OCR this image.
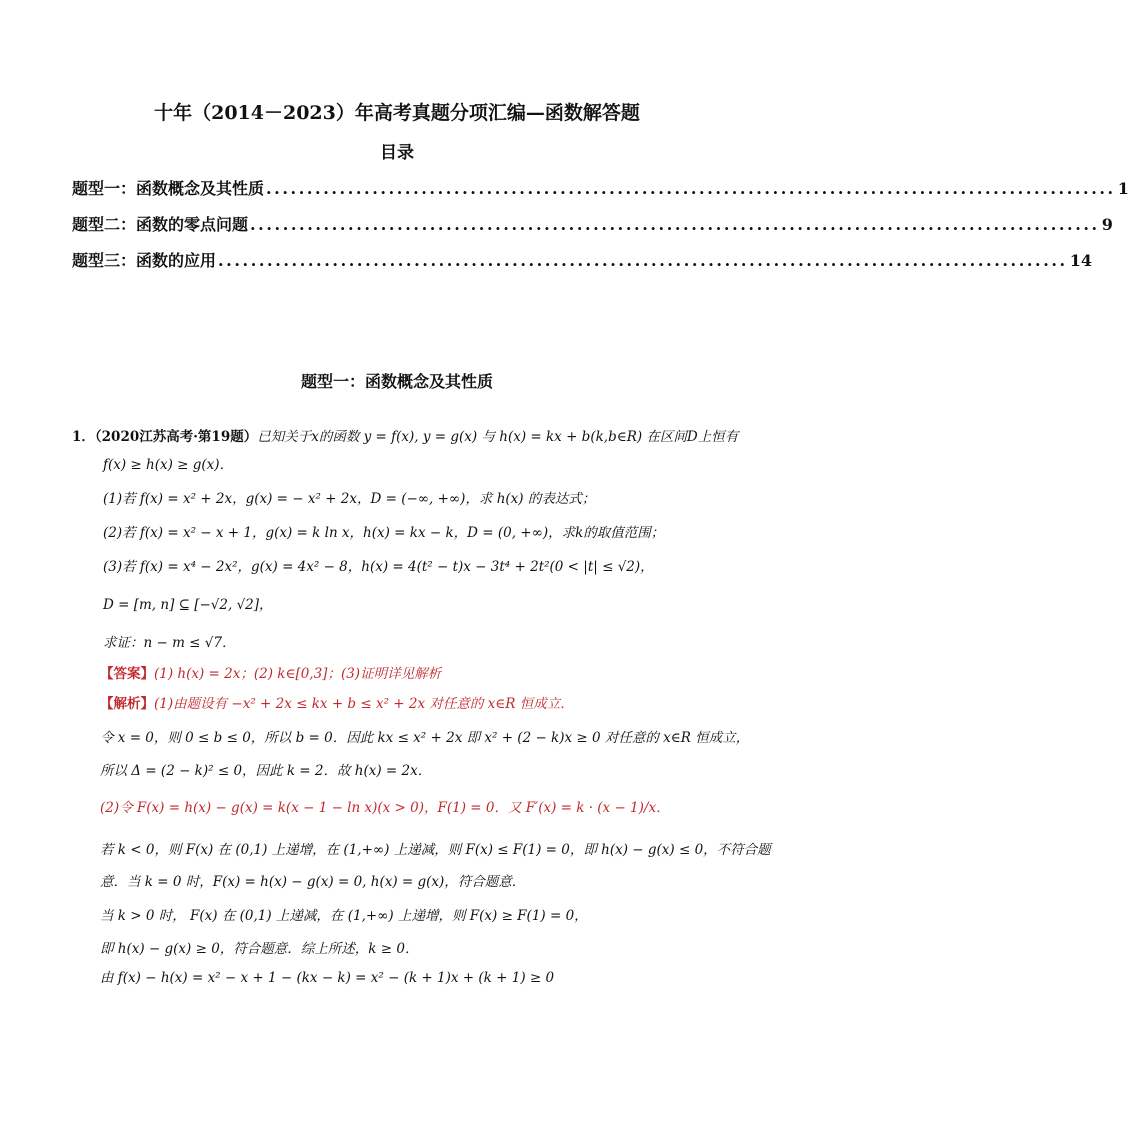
十年（2014－2023）年高考真题分项汇编—函数解答题
目录
题型一：函数概念及其性质 ........................................................................................................ 1
题型二：函数的零点问题 ........................................................................................................ 9
题型三：函数的应用 ........................................................................................................ 14
题型一：函数概念及其性质
1．（2020江苏高考·第19题）已知关于x的函数 y = f(x), y = g(x) 与 h(x) = kx + b(k,b∈R) 在区间D上恒有
f(x) ≥ h(x) ≥ g(x)．
(1)若 f(x) = x² + 2x，g(x) = − x² + 2x，D = (−∞, +∞)，求 h(x) 的表达式；
(2)若 f(x) = x² − x + 1，g(x) = k ln x，h(x) = kx − k，D = (0, +∞)，求k的取值范围；
(3)若 f(x) = x⁴ − 2x²，g(x) = 4x² − 8，h(x) = 4(t² − t)x − 3t⁴ + 2t²(0 < |t| ≤ √2)，
D = [m, n] ⊆ [−√2, √2]，
求证：n − m ≤ √7．
【答案】(1) h(x) = 2x；(2) k∈[0,3]；(3)证明详见解析
【解析】(1)由题设有 −x² + 2x ≤ kx + b ≤ x² + 2x 对任意的 x∈R 恒成立．
令 x = 0，则 0 ≤ b ≤ 0，所以 b = 0．因此 kx ≤ x² + 2x 即 x² + (2 − k)x ≥ 0 对任意的 x∈R 恒成立，
所以 Δ = (2 − k)² ≤ 0，因此 k = 2．故 h(x) = 2x．
(2)令 F(x) = h(x) − g(x) = k(x − 1 − ln x)(x > 0)，F(1) = 0．又 F′(x) = k · (x − 1)/x．
若 k < 0，则 F(x) 在 (0,1) 上递增，在 (1,+∞) 上递减，则 F(x) ≤ F(1) = 0，即 h(x) − g(x) ≤ 0，不符合题
意．当 k = 0 时，F(x) = h(x) − g(x) = 0, h(x) = g(x)，符合题意．
当 k > 0 时， F(x) 在 (0,1) 上递减，在 (1,+∞) 上递增，则 F(x) ≥ F(1) = 0，
即 h(x) − g(x) ≥ 0，符合题意．综上所述，k ≥ 0．
由 f(x) − h(x) = x² − x + 1 − (kx − k) = x² − (k + 1)x + (k + 1) ≥ 0
